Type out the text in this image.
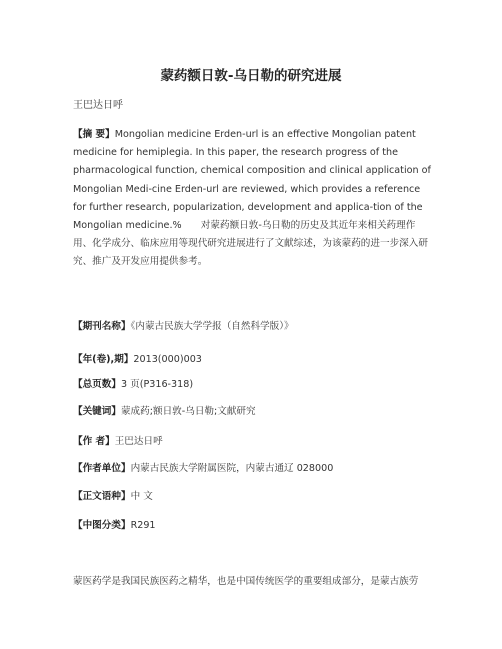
蒙药额日敦-乌日勒的研究进展
王巴达日呼
【摘 要】Mongolian medicine Erden-url is an effective Mongolian patent medicine for hemiplegia. In this paper, the research progress of the pharmacological function, chemical composition and clinical application of Mongolian Medi-cine Erden-url are reviewed, which provides a reference for further research, popularization, development and applica-tion of the Mongolian medicine.%　　对蒙药额日敦-乌日勒的历史及其近年来相关药理作用、化学成分、临床应用等现代研究进展进行了文献综述，为该蒙药的进一步深入研究、推广及开发应用提供参考。
【期刊名称】《内蒙古民族大学学报（自然科学版）》
【年(卷),期】2013(000)003
【总页数】3 页(P316-318)
【关键词】蒙成药;额日敦-乌日勒;文献研究
【作 者】王巴达日呼
【作者单位】内蒙古民族大学附属医院，内蒙古通辽 028000
【正文语种】中 文
【中图分类】R291
蒙医药学是我国民族医药之精华，也是中国传统医学的重要组成部分，是蒙古族劳
